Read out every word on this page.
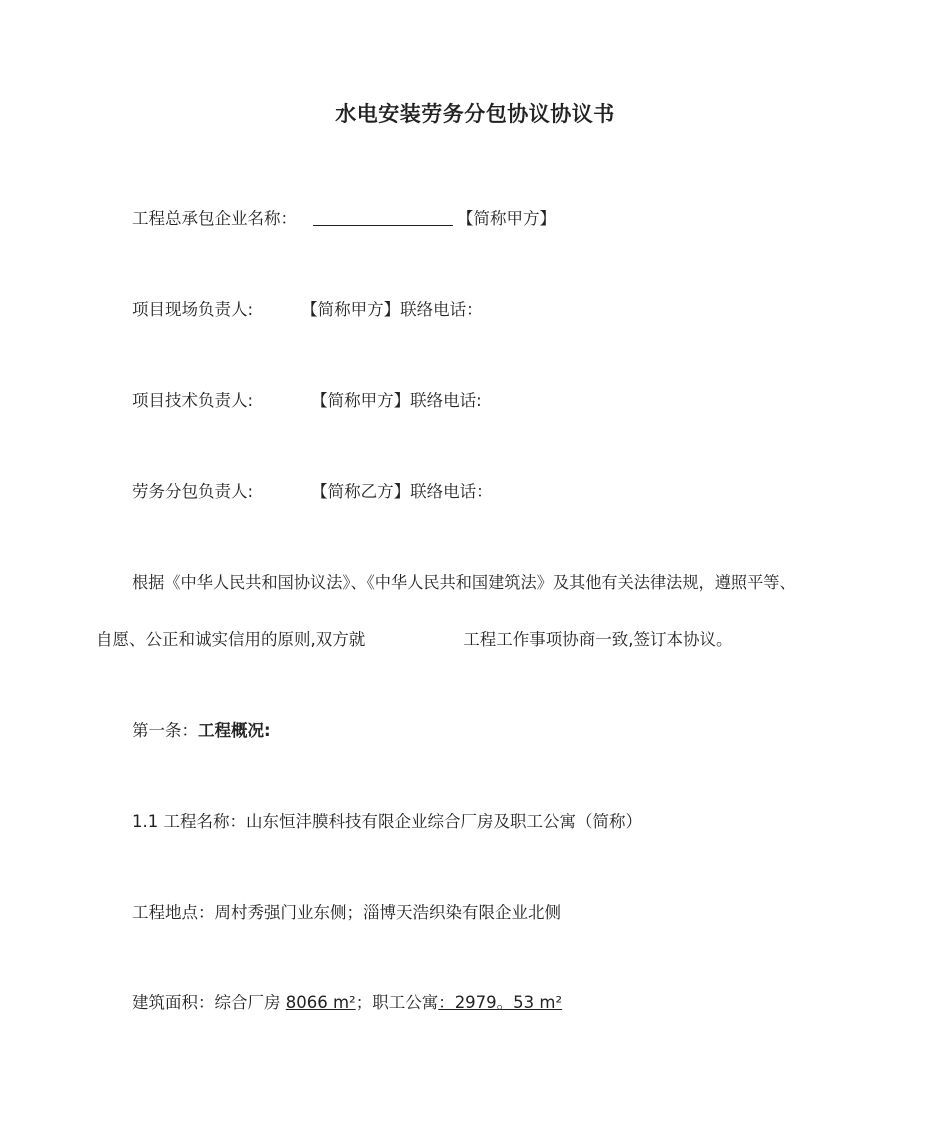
水电安装劳务分包协议协议书
工程总承包企业名称：	【简称甲方】
项目现场负责人:	【简称甲方】联络电话：
项目技术负责人:	【简称甲方】联络电话:
劳务分包负责人:	【简称乙方】联络电话：
根据《中华人民共和国协议法》、《中华人民共和国建筑法》及其他有关法律法规，遵照平等、
自愿、公正和诚实信用的原则,双方就	工程工作事项协商一致,签订本协议。
第一条：工程概况:
1.1 工程名称：山东恒沣膜科技有限企业综合厂房及职工公寓（简称）
工程地点：周村秀强门业东侧；淄博天浩织染有限企业北侧
建筑面积：综合厂房 8066 m²；职工公寓：2979。53 m²
